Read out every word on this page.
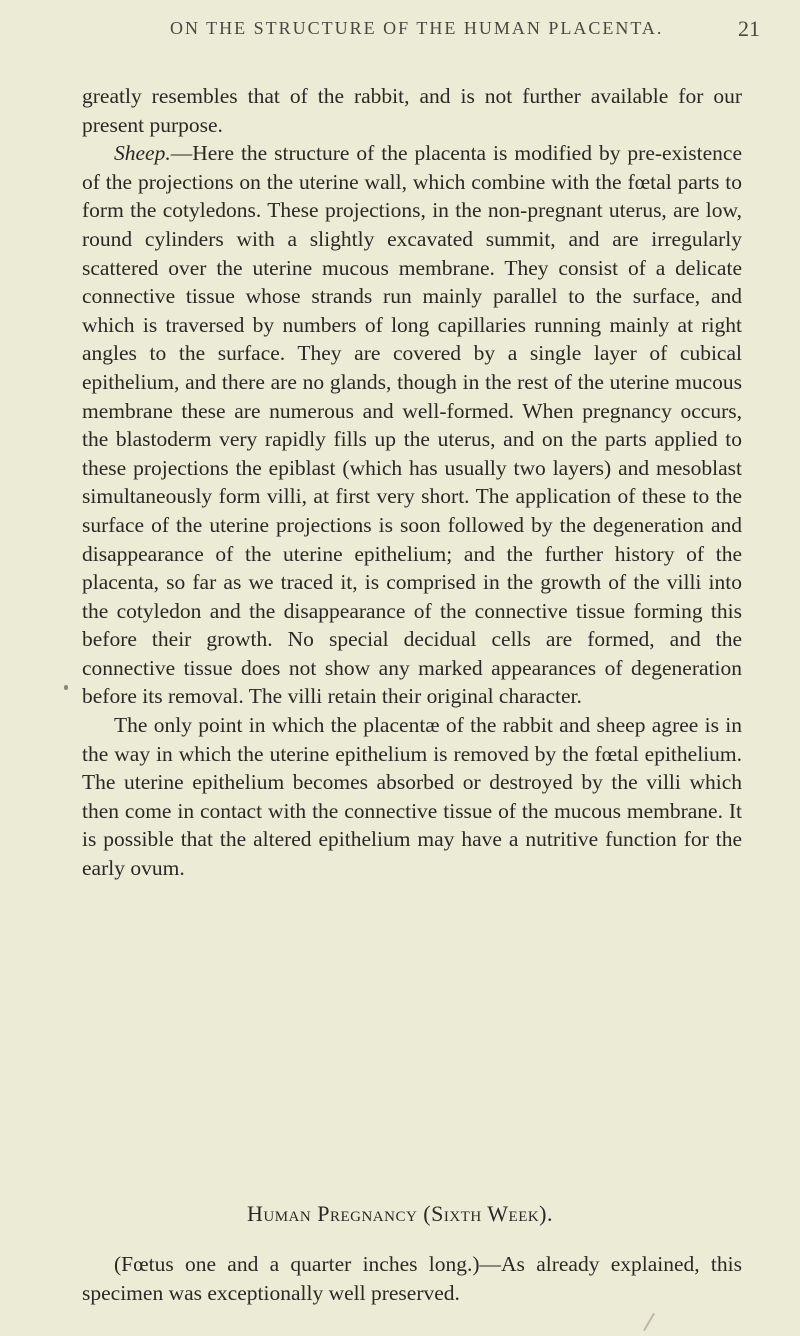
ON THE STRUCTURE OF THE HUMAN PLACENTA.	21

greatly resembles that of the rabbit, and is not further available for our present purpose.

Sheep.—Here the structure of the placenta is modified by pre-existence of the projections on the uterine wall, which combine with the fœtal parts to form the cotyledons. These projections, in the non-pregnant uterus, are low, round cylinders with a slightly excavated summit, and are irregularly scattered over the uterine mucous membrane. They consist of a delicate connective tissue whose strands run mainly parallel to the surface, and which is traversed by numbers of long capillaries running mainly at right angles to the surface. They are covered by a single layer of cubical epithelium, and there are no glands, though in the rest of the uterine mucous membrane these are numerous and well-formed. When pregnancy occurs, the blastoderm very rapidly fills up the uterus, and on the parts applied to these projections the epiblast (which has usually two layers) and mesoblast simultaneously form villi, at first very short. The application of these to the surface of the uterine projections is soon followed by the degeneration and disappearance of the uterine epithelium; and the further history of the placenta, so far as we traced it, is comprised in the growth of the villi into the cotyledon and the disappearance of the connective tissue forming this before their growth. No special decidual cells are formed, and the connective tissue does not show any marked appearances of degeneration before its removal. The villi retain their original character.

The only point in which the placentæ of the rabbit and sheep agree is in the way in which the uterine epithelium is removed by the fœtal epithelium. The uterine epithelium becomes absorbed or destroyed by the villi which then come in contact with the connective tissue of the mucous membrane. It is possible that the altered epithelium may have a nutritive function for the early ovum.

Human Pregnancy (Sixth Week).

(Fœtus one and a quarter inches long.)—As already explained, this specimen was exceptionally well preserved.
